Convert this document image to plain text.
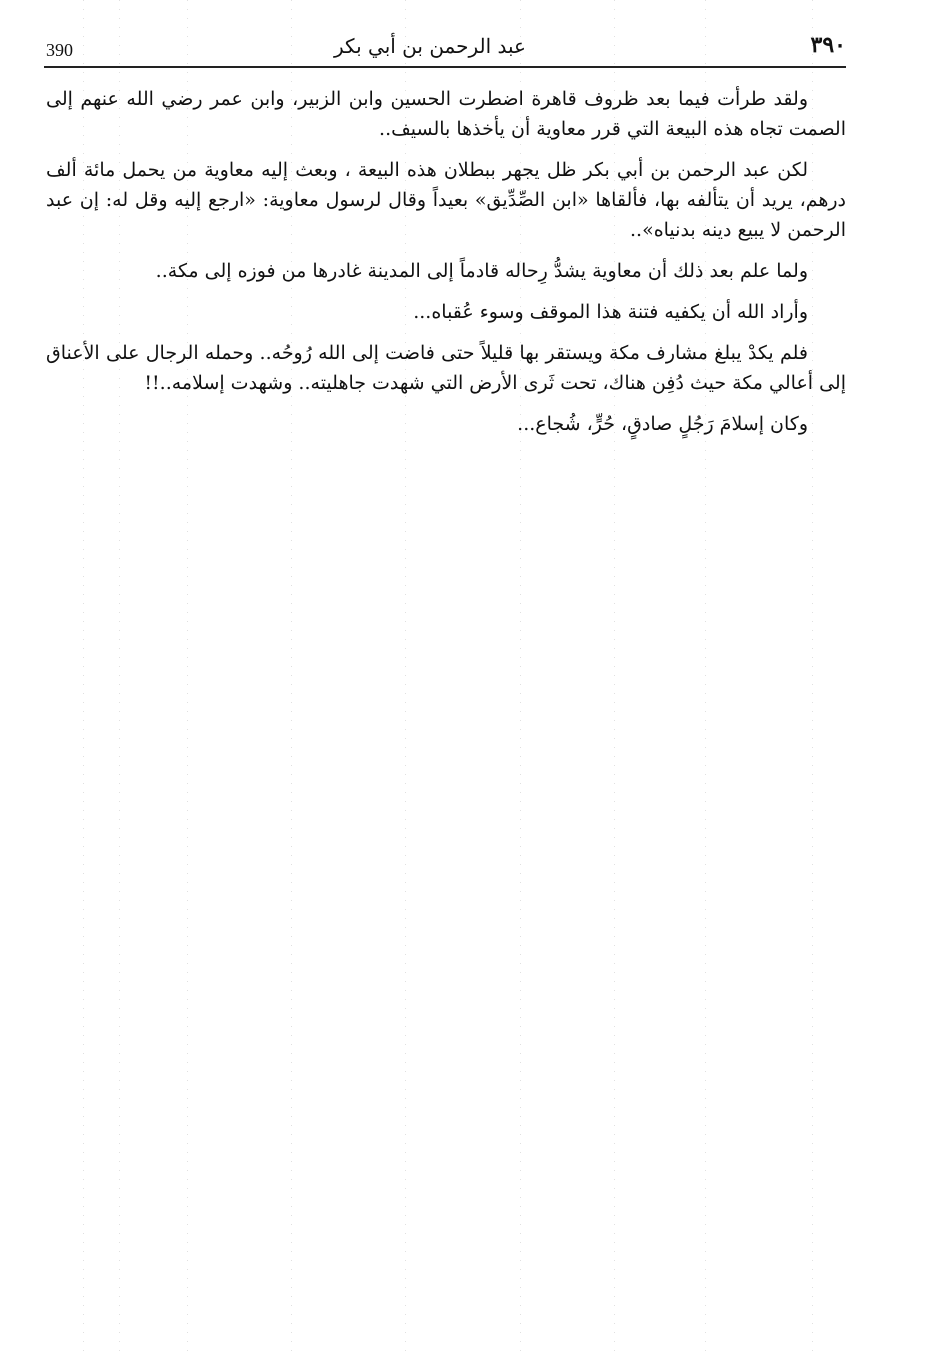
390	عبد الرحمن بن أبي بكر	٣٩٠

ولقد طرأت فيما بعد ظروف قاهرة اضطرت الحسين وابن الزبير، وابن عمر رضي الله عنهم إلى الصمت تجاه هذه البيعة التي قرر معاوية أن يأخذها بالسيف..

لكن عبد الرحمن بن أبي بكر ظل يجهر ببطلان هذه البيعة ، وبعث إليه معاوية من يحمل مائة ألف درهم، يريد أن يتألفه بها، فألقاها «ابن الصِّدِّيق» بعيداً وقال لرسول معاوية: «ارجع إليه وقل له: إن عبد الرحمن لا يبيع دينه بدنياه»..

ولما علم بعد ذلك أن معاوية يشدُّ رِحاله قادماً إلى المدينة غادرها من فوزه إلى مكة..

وأراد الله أن يكفيه فتنة هذا الموقف وسوء عُقباه...

فلم يكدْ يبلغ مشارف مكة ويستقر بها قليلاً حتى فاضت إلى الله رُوحُه.. وحمله الرجال على الأعناق إلى أعالي مكة حيث دُفِن هناك، تحت ثَرى الأرض التي شهدت جاهليته.. وشهدت إسلامه..!!

وكان إسلامَ رَجُلٍ صادقٍ، حُرٍّ، شُجاع...
